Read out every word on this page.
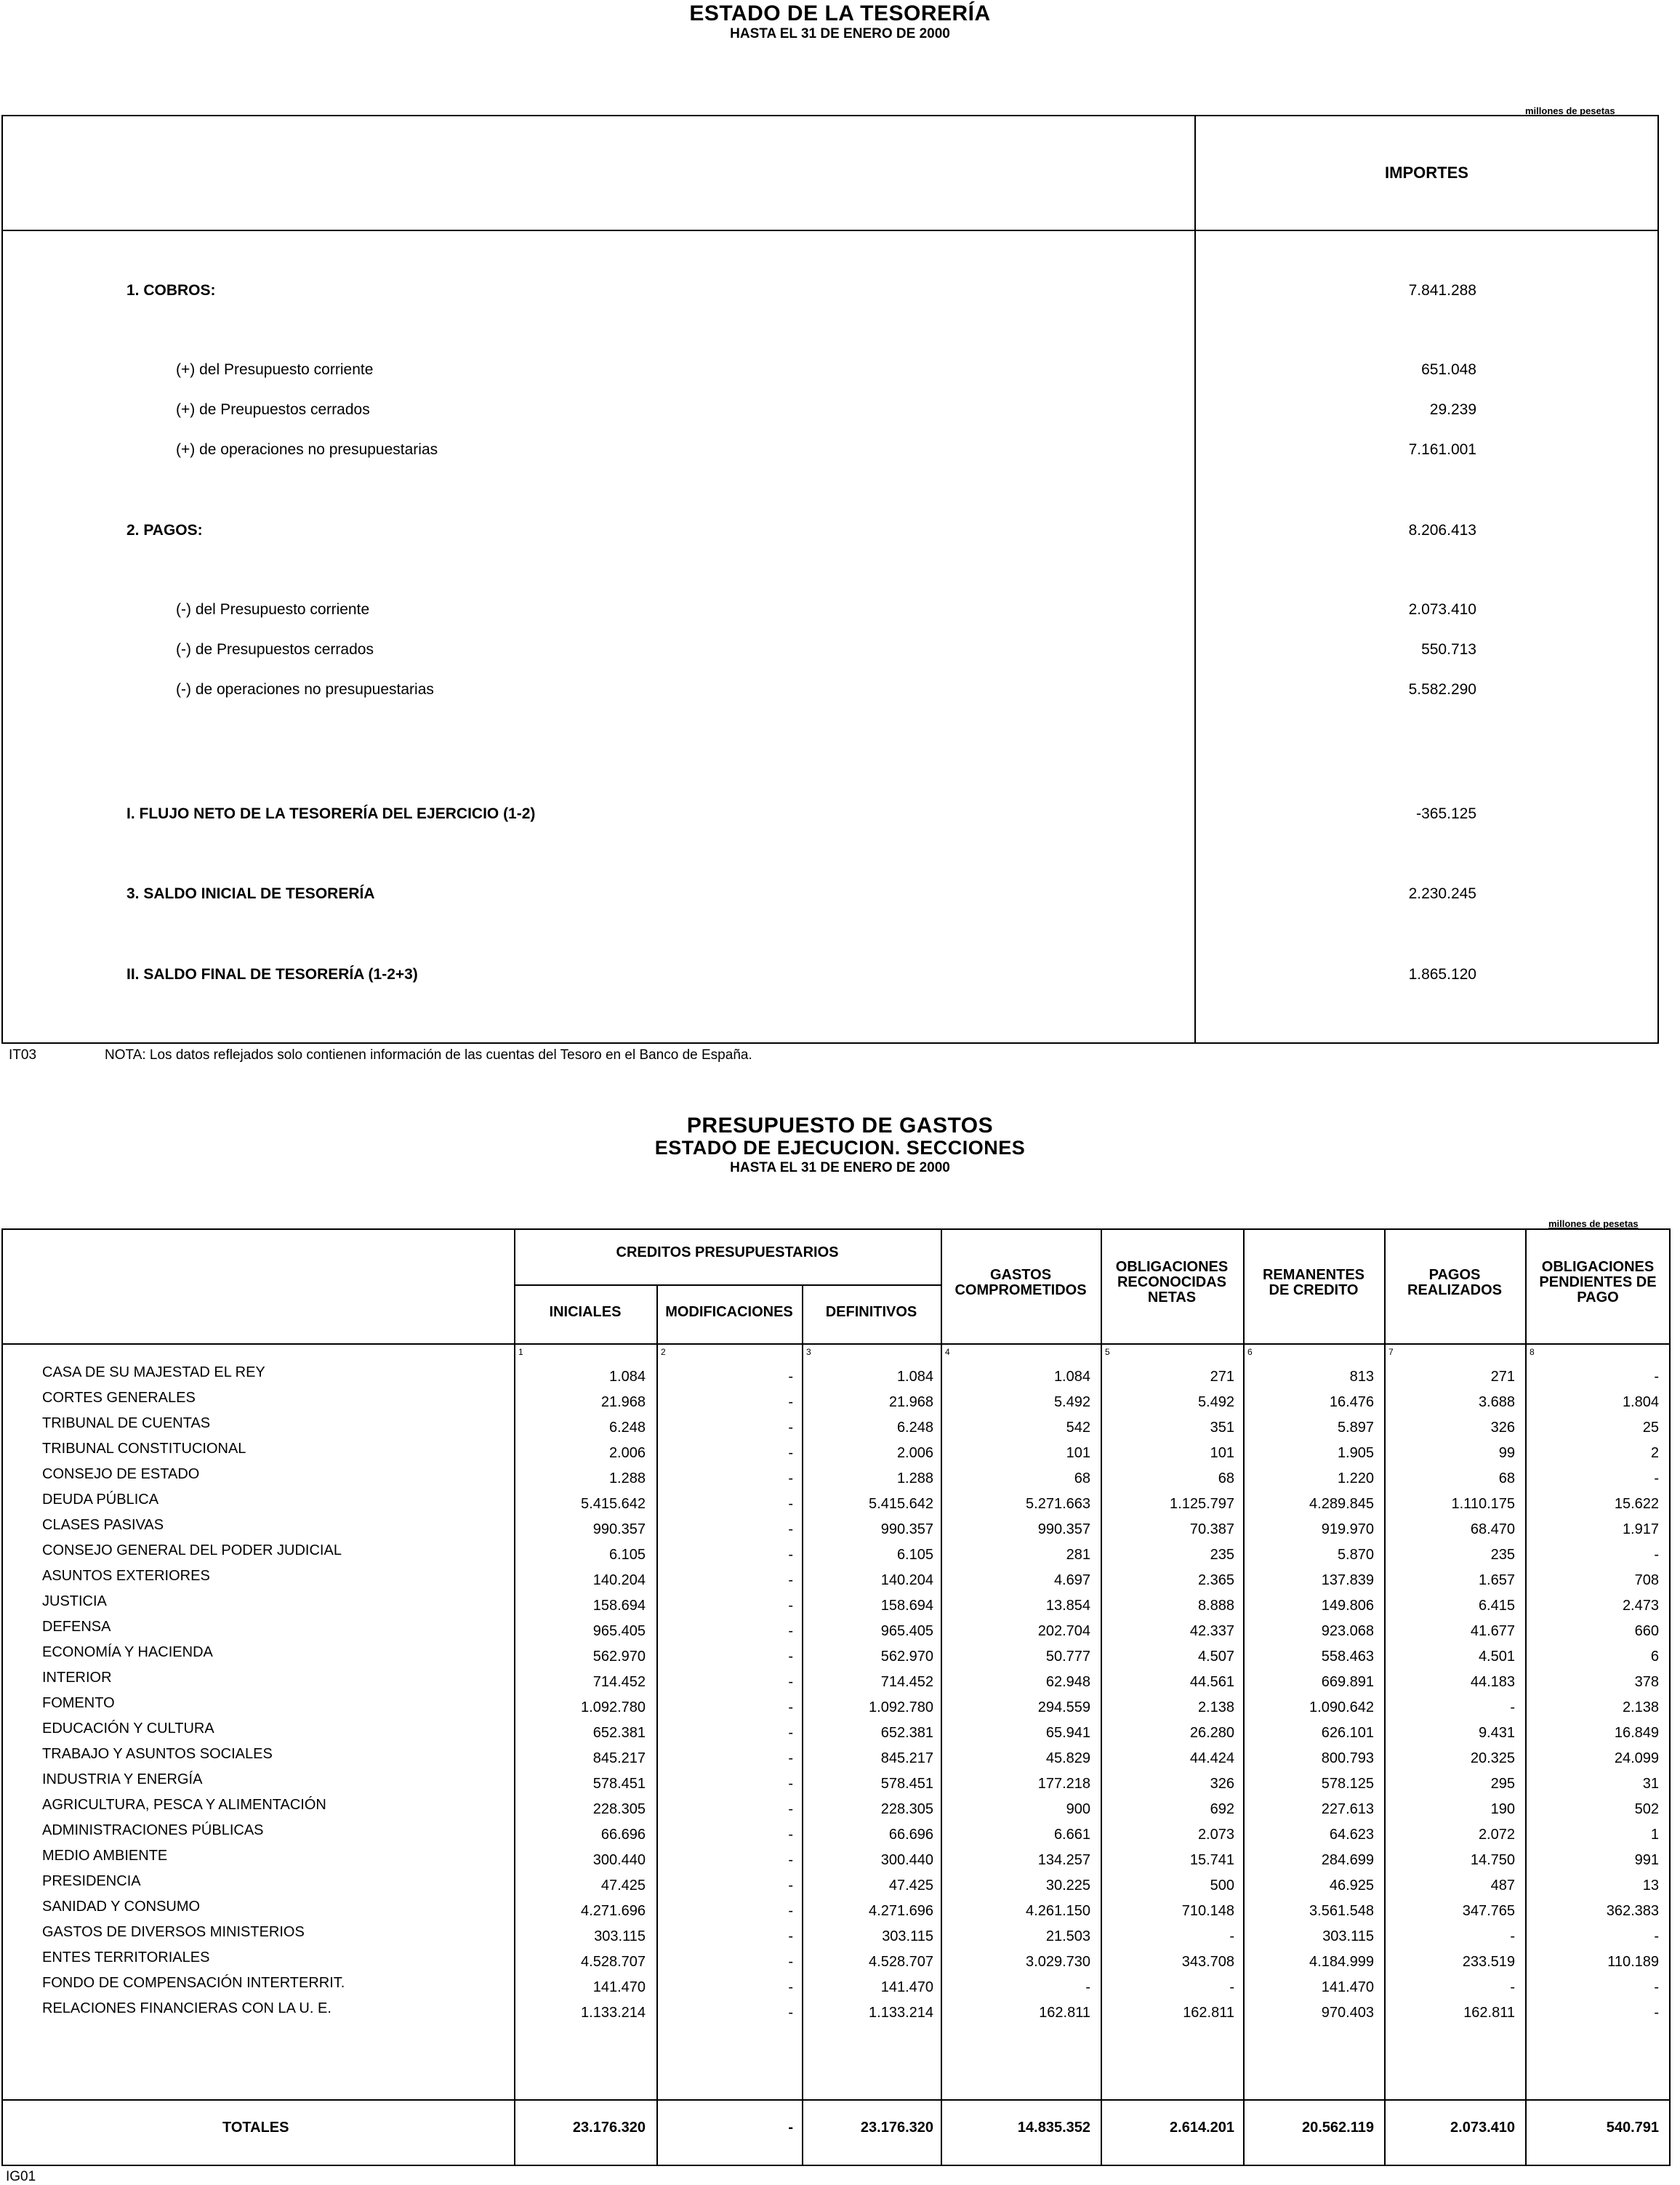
ESTADO DE LA TESORERÍA
HASTA EL 31 DE ENERO DE 2000
millones de pesetas
IMPORTES
1. COBROS:	7.841.288
(+) del Presupuesto corriente	651.048
(+) de Preupuestos cerrados	29.239
(+) de operaciones no presupuestarias	7.161.001
2. PAGOS:	8.206.413
(-) del Presupuesto corriente	2.073.410
(-) de Presupuestos cerrados	550.713
(-) de operaciones no presupuestarias	5.582.290
I. FLUJO NETO DE LA TESORERÍA DEL EJERCICIO (1-2)	-365.125
3. SALDO INICIAL DE TESORERÍA	2.230.245
II. SALDO FINAL DE TESORERÍA (1-2+3)	1.865.120
IT03	NOTA: Los datos reflejados solo contienen información de las cuentas del Tesoro en el Banco de España.
PRESUPUESTO DE GASTOS
ESTADO DE EJECUCION. SECCIONES
HASTA EL 31 DE ENERO DE 2000
millones de pesetas
CREDITOS PRESUPUESTARIOS
INICIALES	MODIFICACIONES	DEFINITIVOS
GASTOS
COMPROMETIDOS
OBLIGACIONES
RECONOCIDAS
NETAS
REMANENTES
DE CREDITO
PAGOS
REALIZADOS
OBLIGACIONES
PENDIENTES DE
PAGO
1	2	3	4	5	6	7	8
CASA DE SU MAJESTAD EL REY	1.084	-	1.084	1.084	271	813	271	-
CORTES GENERALES	21.968	-	21.968	5.492	5.492	16.476	3.688	1.804
TRIBUNAL DE CUENTAS	6.248	-	6.248	542	351	5.897	326	25
TRIBUNAL CONSTITUCIONAL	2.006	-	2.006	101	101	1.905	99	2
CONSEJO DE ESTADO	1.288	-	1.288	68	68	1.220	68	-
DEUDA PÚBLICA	5.415.642	-	5.415.642	5.271.663	1.125.797	4.289.845	1.110.175	15.622
CLASES PASIVAS	990.357	-	990.357	990.357	70.387	919.970	68.470	1.917
CONSEJO GENERAL DEL PODER JUDICIAL	6.105	-	6.105	281	235	5.870	235	-
ASUNTOS EXTERIORES	140.204	-	140.204	4.697	2.365	137.839	1.657	708
JUSTICIA	158.694	-	158.694	13.854	8.888	149.806	6.415	2.473
DEFENSA	965.405	-	965.405	202.704	42.337	923.068	41.677	660
ECONOMÍA Y HACIENDA	562.970	-	562.970	50.777	4.507	558.463	4.501	6
INTERIOR	714.452	-	714.452	62.948	44.561	669.891	44.183	378
FOMENTO	1.092.780	-	1.092.780	294.559	2.138	1.090.642	-	2.138
EDUCACIÓN Y CULTURA	652.381	-	652.381	65.941	26.280	626.101	9.431	16.849
TRABAJO Y ASUNTOS SOCIALES	845.217	-	845.217	45.829	44.424	800.793	20.325	24.099
INDUSTRIA Y ENERGÍA	578.451	-	578.451	177.218	326	578.125	295	31
AGRICULTURA, PESCA Y ALIMENTACIÓN	228.305	-	228.305	900	692	227.613	190	502
ADMINISTRACIONES PÚBLICAS	66.696	-	66.696	6.661	2.073	64.623	2.072	1
MEDIO AMBIENTE	300.440	-	300.440	134.257	15.741	284.699	14.750	991
PRESIDENCIA	47.425	-	47.425	30.225	500	46.925	487	13
SANIDAD Y CONSUMO	4.271.696	-	4.271.696	4.261.150	710.148	3.561.548	347.765	362.383
GASTOS DE DIVERSOS MINISTERIOS	303.115	-	303.115	21.503	-	303.115	-	-
ENTES TERRITORIALES	4.528.707	-	4.528.707	3.029.730	343.708	4.184.999	233.519	110.189
FONDO DE COMPENSACIÓN INTERTERRIT.	141.470	-	141.470	-	-	141.470	-	-
RELACIONES FINANCIERAS CON LA U. E.	1.133.214	-	1.133.214	162.811	162.811	970.403	162.811	-
TOTALES	23.176.320	-	23.176.320	14.835.352	2.614.201	20.562.119	2.073.410	540.791
IG01
